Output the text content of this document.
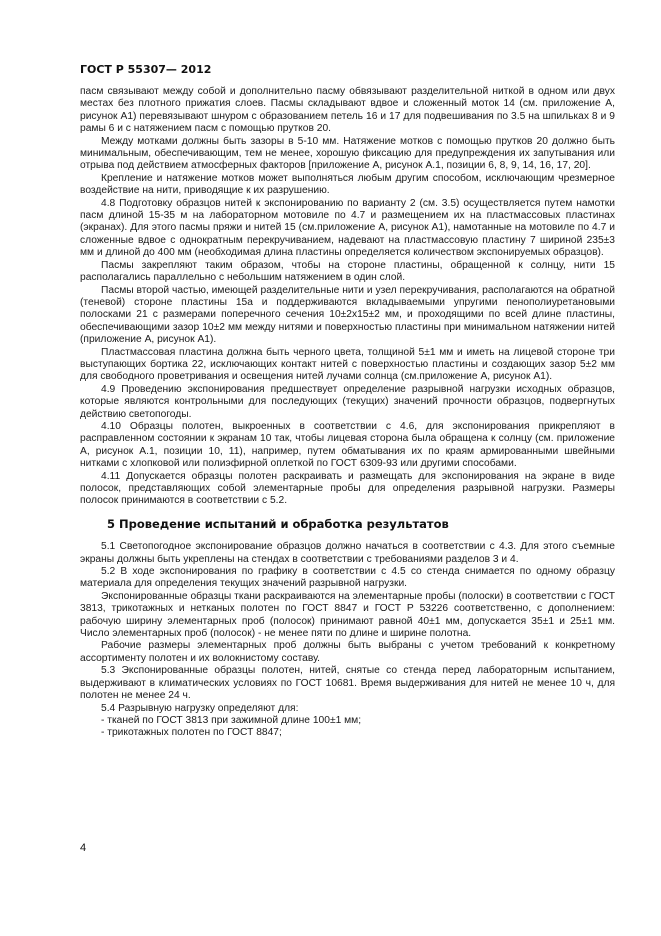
ГОСТ Р 55307— 2012

пасм связывают между собой и дополнительно пасму обвязывают разделительной ниткой в одном или двух местах без плотного прижатия слоев. Пасмы складывают вдвое и сложенный моток 14 (см. приложение А, рисунок А1) перевязывают шнуром с образованием петель 16 и 17 для подвешивания по 3.5 на шпильках 8 и 9 рамы 6 и с натяжением пасм с помощью прутков 20.

Между мотками должны быть зазоры в 5-10 мм. Натяжение мотков с помощью прутков 20 должно быть минимальным, обеспечивающим, тем не менее, хорошую фиксацию для предупреждения их запутывания или отрыва под действием атмосферных факторов [приложение А, рисунок А.1, позиции 6, 8, 9, 14, 16, 17, 20].

Крепление и натяжение мотков может выполняться любым другим способом, исключающим чрезмерное воздействие на нити, приводящие к их разрушению.

4.8 Подготовку образцов нитей к экспонированию по варианту 2 (см. 3.5) осуществляется путем намотки пасм длиной 15-35 м на лабораторном мотовиле по 4.7 и размещением их на пластмассовых пластинах (экранах). Для этого пасмы пряжи и нитей 15 (см.приложение А, рисунок А1), намотанные на мотовиле по 4.7 и сложенные вдвое с однократным перекручиванием, надевают на пластмассовую пластину 7 шириной 235±3 мм и длиной до 400 мм (необходимая длина пластины определяется количеством экспонируемых образцов).

Пасмы закрепляют таким образом, чтобы на стороне пластины, обращенной к солнцу, нити 15 располагались параллельно с небольшим натяжением в один слой.

Пасмы второй частью, имеющей разделительные нити и узел перекручивания, располагаются на обратной (теневой) стороне пластины 15а и поддерживаются вкладываемыми упругими пенополиуретановыми полосками 21 с размерами поперечного сечения 10±2х15±2 мм, и проходящими по всей длине пластины, обеспечивающими зазор 10±2 мм между нитями и поверхностью пластины при минимальном натяжении нитей (приложение А, рисунок А1).

Пластмассовая пластина должна быть черного цвета, толщиной 5±1 мм и иметь на лицевой стороне три выступающих бортика 22, исключающих контакт нитей с поверхностью пластины и создающих зазор 5±2 мм для свободного проветривания и освещения нитей лучами солнца (см.приложение А, рисунок А1).

4.9 Проведению экспонирования предшествует определение разрывной нагрузки исходных образцов, которые являются контрольными для последующих (текущих) значений прочности образцов, подвергнутых действию светопогоды.

4.10 Образцы полотен, выкроенных в соответствии с 4.6, для экспонирования прикрепляют в расправленном состоянии к экранам 10 так, чтобы лицевая сторона была обращена к солнцу (см. приложение А, рисунок А.1, позиции 10, 11), например, путем обматывания их по краям армированными швейными нитками с хлопковой или полиэфирной оплеткой по ГОСТ 6309-93 или другими способами.

4.11 Допускается образцы полотен раскраивать и размещать для экспонирования на экране в виде полосок, представляющих собой элементарные пробы для определения разрывной нагрузки. Размеры полосок принимаются в соответствии с 5.2.

5 Проведение испытаний и обработка результатов

5.1 Светопогодное экспонирование образцов должно начаться в соответствии с 4.3. Для этого съемные экраны должны быть укреплены на стендах в соответствии с требованиями разделов 3 и 4.

5.2 В ходе экспонирования по графику в соответствии с 4.5 со стенда снимается по одному образцу материала для определения текущих значений разрывной нагрузки.

Экспонированные образцы ткани раскраиваются на элементарные пробы (полоски) в соответствии с ГОСТ 3813, трикотажных и нетканых полотен по ГОСТ 8847 и ГОСТ Р 53226 соответственно, с дополнением: рабочую ширину элементарных проб (полосок) принимают равной 40±1 мм, допускается 35±1 и 25±1 мм. Число элементарных проб (полосок) - не менее пяти по длине и ширине полотна.

Рабочие размеры элементарных проб должны быть выбраны с учетом требований к конкретному ассортименту полотен и их волокнистому составу.

5.3 Экспонированные образцы полотен, нитей, снятые со стенда перед лабораторным испытанием, выдерживают в климатических условиях по ГОСТ 10681. Время выдерживания для нитей не менее 10 ч, для полотен не менее 24 ч.

5.4 Разрывную нагрузку определяют для:

- тканей по ГОСТ 3813 при зажимной длине 100±1 мм;

- трикотажных полотен по ГОСТ 8847;

4
